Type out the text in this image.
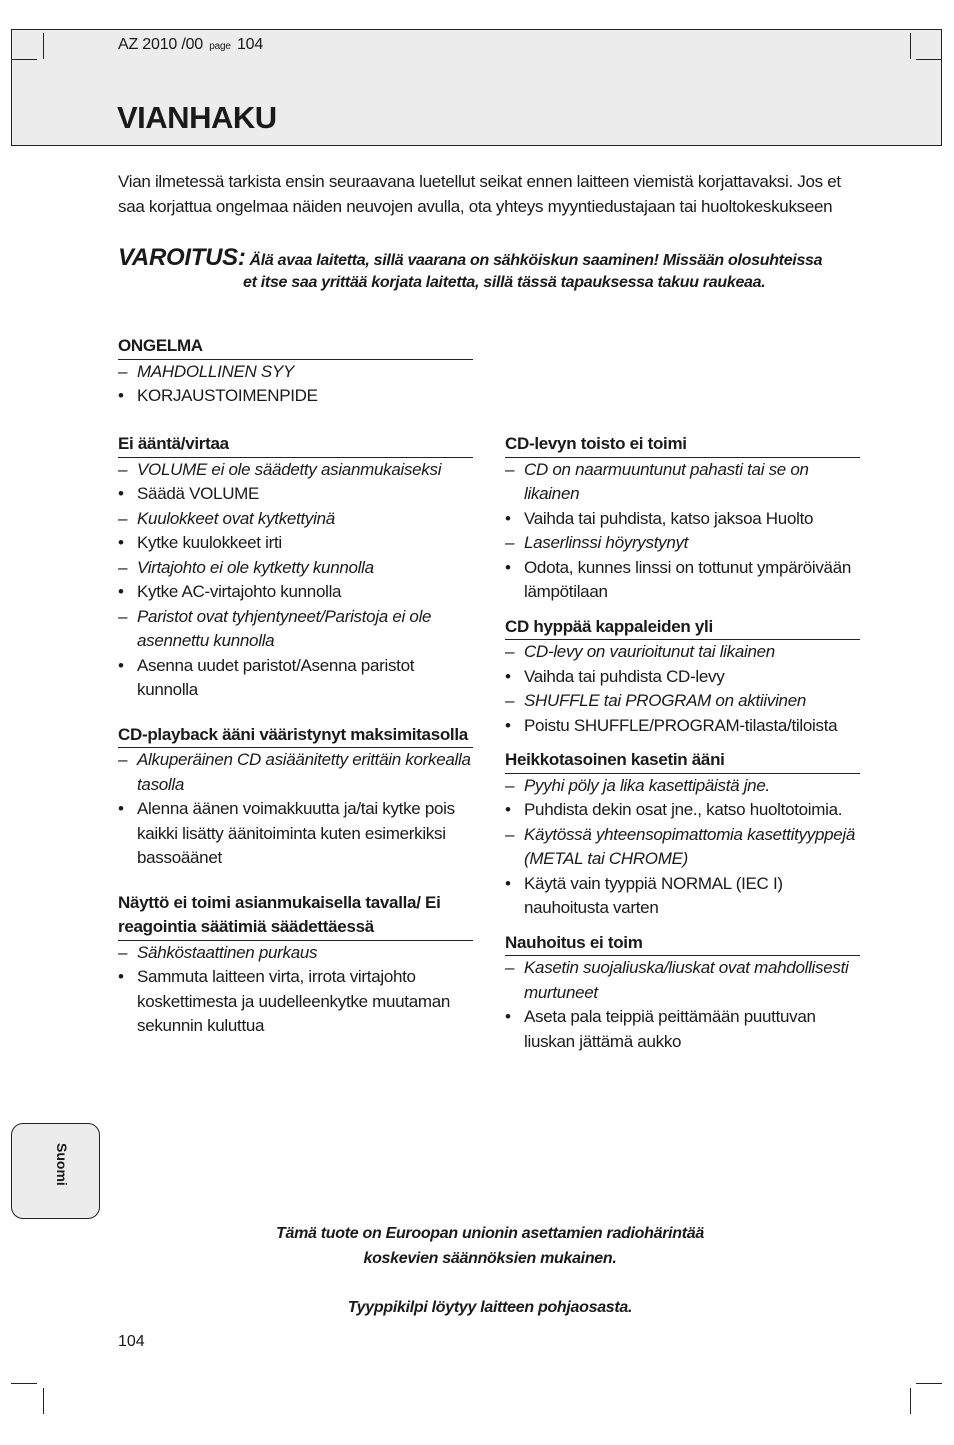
AZ 2010 /00 page 104
VIANHAKU

Vian ilmetessä tarkista ensin seuraavana luetellut seikat ennen laitteen viemistä korjattavaksi. Jos et saa korjattua ongelmaa näiden neuvojen avulla, ota yhteys myyntiedustajaan tai huoltokeskukseen

VAROITUS: Älä avaa laitetta, sillä vaarana on sähköiskun saaminen! Missään olosuhteissa
et itse saa yrittää korjata laitetta, sillä tässä tapauksessa takuu raukeaa.
ONGELMA
– MAHDOLLINEN SYY
• KORJAUSTOIMENPIDE
Ei ääntä/virtaa
– VOLUME ei ole säädetty asianmukaiseksi
• Säädä VOLUME
– Kuulokkeet ovat kytkettyinä
• Kytke kuulokkeet irti
– Virtajohto ei ole kytketty kunnolla
• Kytke AC-virtajohto kunnolla
– Paristot ovat tyhjentyneet/Paristoja ei ole asennettu kunnolla
• Asenna uudet paristot/Asenna paristot kunnolla
CD-playback ääni vääristynyt maksimitasolla
– Alkuperäinen CD asiäänitetty erittäin korkealla tasolla
• Alenna äänen voimakkuutta ja/tai kytke pois kaikki lisätty äänitoiminta kuten esimerkiksi bassoäänet
Näyttö ei toimi asianmukaisella tavalla/ Ei reagointia säätimiä säädettäessä
– Sähköstaattinen purkaus
• Sammuta laitteen virta, irrota virtajohto koskettimesta ja uudelleenkytke muutaman sekunnin kuluttua
CD-levyn toisto ei toimi
– CD on naarmuuntunut pahasti tai se on likainen
• Vaihda tai puhdista, katso jaksoa Huolto
– Laserlinssi höyrystynyt
• Odota, kunnes linssi on tottunut ympäröivään lämpötilaan
CD hyppää kappaleiden yli
– CD-levy on vaurioitunut tai likainen
• Vaihda tai puhdista CD-levy
– SHUFFLE tai PROGRAM on aktiivinen
• Poistu SHUFFLE/PROGRAM-tilasta/tiloista
Heikkotasoinen kasetin ääni
– Pyyhi pöly ja lika kasettipäistä jne.
• Puhdista dekin osat jne., katso huoltotoimia.
– Käytössä yhteensopimattomia kasettityyppejä (METAL tai CHROME)
• Käytä vain tyyppiä NORMAL (IEC I) nauhoitusta varten
Nauhoitus ei toim
– Kasetin suojaliuska/liuskat ovat mahdollisesti murtuneet
• Aseta pala teippiä peittämään puuttuvan liuskan jättämä aukko
Suomi
Tämä tuote on Euroopan unionin asettamien radiohärintää
koskevien säännöksien mukainen.
Tyyppikilpi löytyy laitteen pohjaosasta.
104
